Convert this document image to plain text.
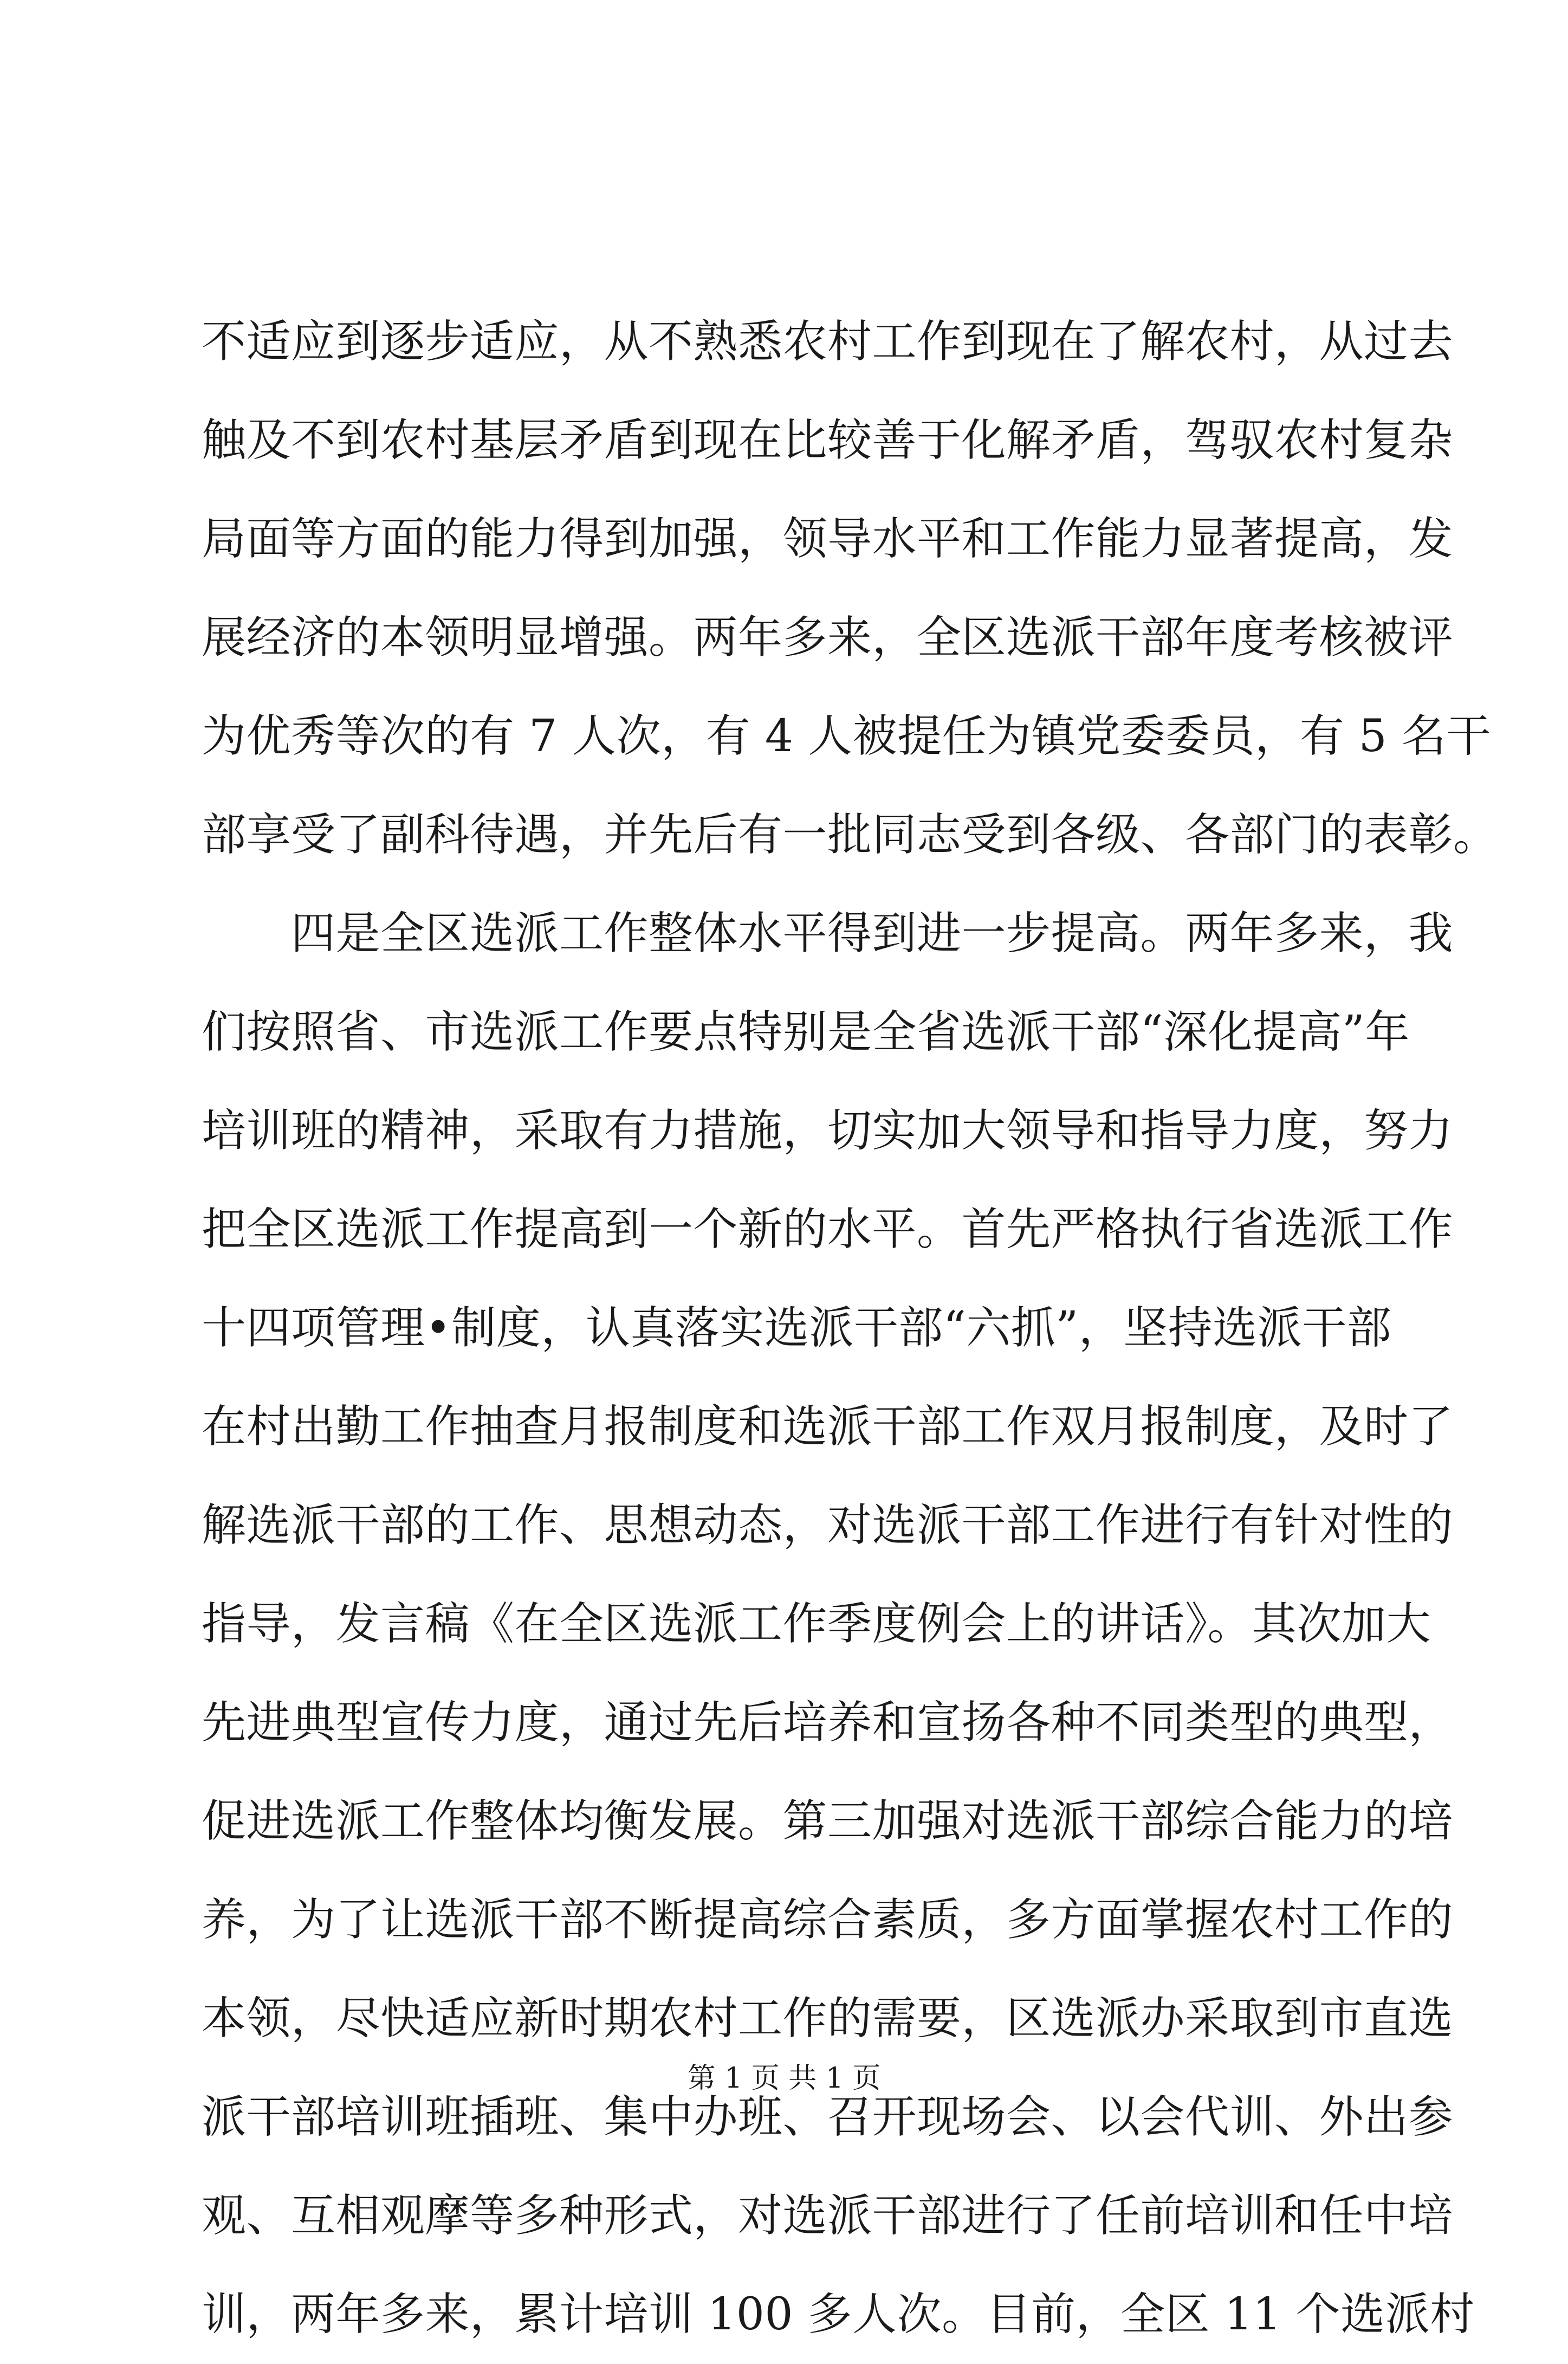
不适应到逐步适应，从不熟悉农村工作到现在了解农村，从过去
触及不到农村基层矛盾到现在比较善于化解矛盾，驾驭农村复杂
局面等方面的能力得到加强，领导水平和工作能力显著提高，发
展经济的本领明显增强。两年多来，全区选派干部年度考核被评
为优秀等次的有 7 人次，有 4 人被提任为镇党委委员，有 5 名干
部享受了副科待遇，并先后有一批同志受到各级、各部门的表彰。
　　四是全区选派工作整体水平得到进一步提高。两年多来，我
们按照省、市选派工作要点特别是全省选派干部“深化提高”年
培训班的精神，采取有力措施，切实加大领导和指导力度，努力
把全区选派工作提高到一个新的水平。首先严格执行省选派工作
十四项管理•制度，认真落实选派干部“六抓”，坚持选派干部
在村出勤工作抽查月报制度和选派干部工作双月报制度，及时了
解选派干部的工作、思想动态，对选派干部工作进行有针对性的
指导，发言稿《在全区选派工作季度例会上的讲话》。其次加大
先进典型宣传力度，通过先后培养和宣扬各种不同类型的典型，
促进选派工作整体均衡发展。第三加强对选派干部综合能力的培
养，为了让选派干部不断提高综合素质，多方面掌握农村工作的
本领，尽快适应新时期农村工作的需要，区选派办采取到市直选
派干部培训班插班、集中办班、召开现场会、以会代训、外出参
观、互相观摩等多种形式，对选派干部进行了任前培训和任中培
训，两年多来，累计培训 100 多人次。目前，全区 11 个选派村
第 1 页 共 1 页
